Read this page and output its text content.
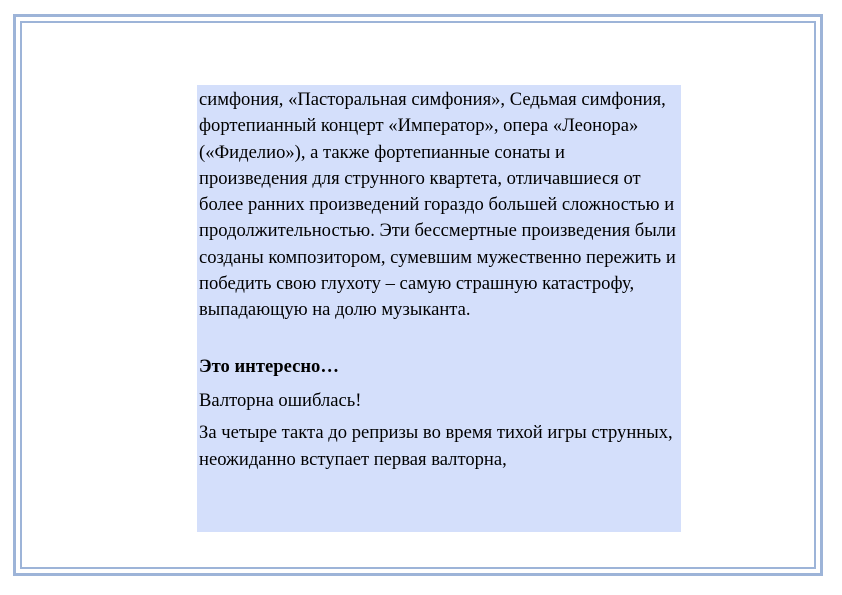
симфония, «Пасторальная симфония», Седьмая симфония, фортепианный концерт «Император», опера «Леонора» («Фиделио»), а также фортепианные сонаты и произведения для струнного квартета, отличавшиеся от более ранних произведений гораздо большей сложностью и продолжительностью. Эти бессмертные произведения были созданы композитором, сумевшим мужественно пережить и победить свою глухоту – самую страшную катастрофу, выпадающую на долю музыканта.

Это интересно…

Валторна ошиблась!

За четыре такта до репризы во время тихой игры струнных, неожиданно вступает первая валторна,
